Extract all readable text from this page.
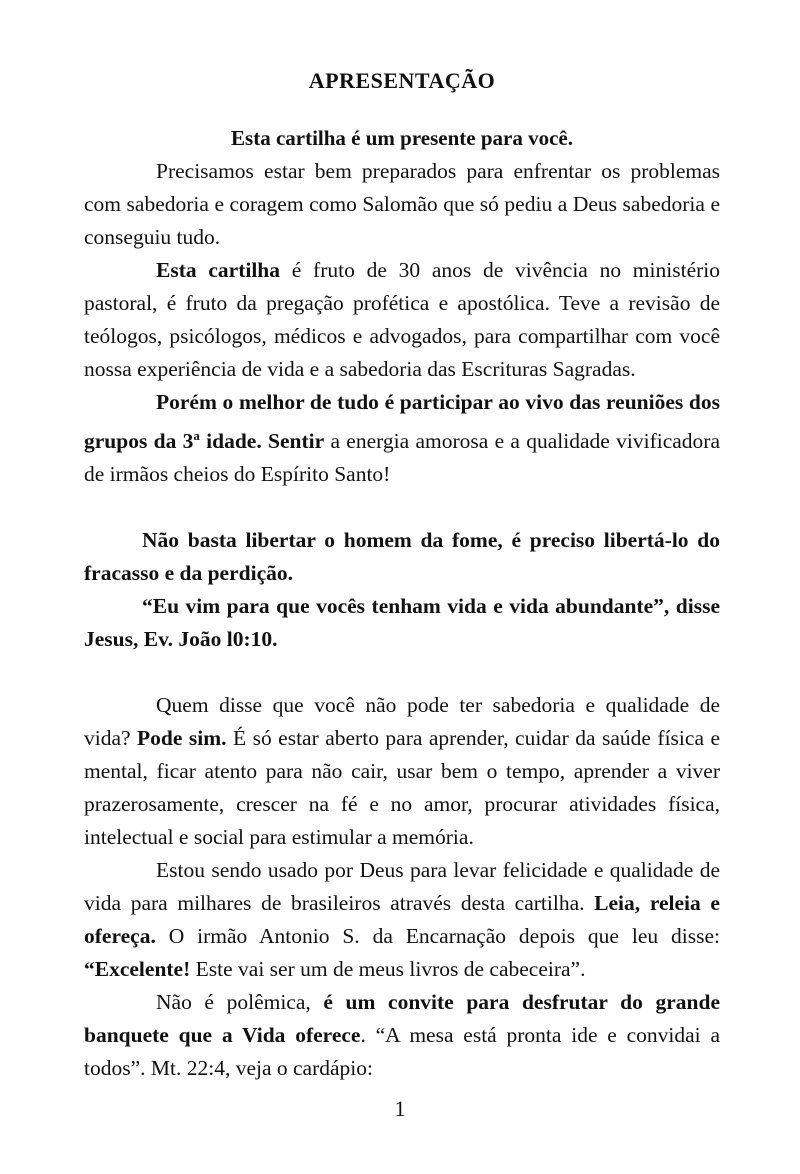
APRESENTAÇÃO
Esta cartilha é um presente para você.

Precisamos estar bem preparados para enfrentar os problemas com sabedoria e coragem como Salomão que só pediu a Deus sabedoria e conseguiu tudo.

Esta cartilha é fruto de 30 anos de vivência no ministério pastoral, é fruto da pregação profética e apostólica. Teve a revisão de teólogos, psicólogos, médicos e advogados, para compartilhar com você nossa experiência de vida e a sabedoria das Escrituras Sagradas.

Porém o melhor de tudo é participar ao vivo das reuniões dos grupos da 3$^a$ idade. Sentir a energia amorosa e a qualidade vivificadora de irmãos cheios do Espírito Santo!

Não basta libertar o homem da fome, é preciso libertá-lo do fracasso e da perdição.

“Eu vim para que vocês tenham vida e vida abundante”, disse Jesus, Ev. João l0:10.

Quem disse que você não pode ter sabedoria e qualidade de vida? Pode sim. É só estar aberto para aprender, cuidar da saúde física e mental, ficar atento para não cair, usar bem o tempo, aprender a viver prazerosamente, crescer na fé e no amor, procurar atividades física, intelectual e social para estimular a memória.

Estou sendo usado por Deus para levar felicidade e qualidade de vida para milhares de brasileiros através desta cartilha. Leia, releia e ofereça. O irmão Antonio S. da Encarnação depois que leu disse: “Excelente! Este vai ser um de meus livros de cabeceira”.

Não é polêmica, é um convite para desfrutar do grande banquete que a Vida oferece. “A mesa está pronta ide e convidai a todos”. Mt. 22:4, veja o cardápio:

1
